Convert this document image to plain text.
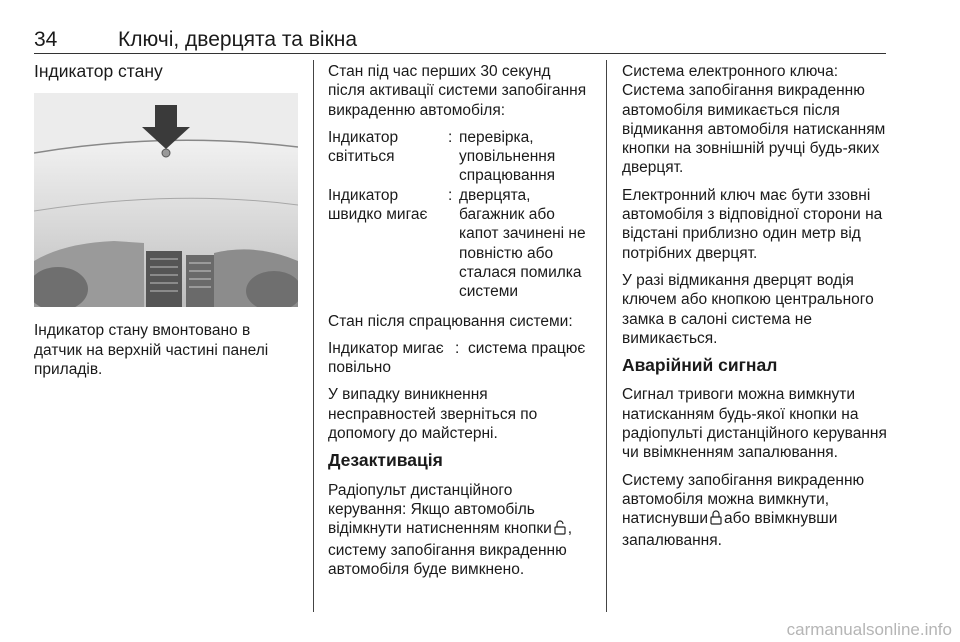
34	Ключі, дверцята та вікна
Індикатор стану

Індикатор стану вмонтовано в датчик на верхній частині панелі приладів.

Стан під час перших 30 секунд після активації системи запобігання викраденню автомобіля:

Індикатор світиться
: перевірка, уповільнення спрацювання
Індикатор швидко мигає
: дверцята, багажник або капот зачинені не повністю або сталася помилка системи

Стан після спрацювання системи:

Індикатор мигає : система працює
повільно

У випадку виникнення несправностей зверніться по допомогу до майстерні.

Дезактивація

Радіопульт дистанційного керування: Якщо автомобіль відімкнути натисненням кнопки , систему запобігання викраденню автомобіля буде вимкнено.

Система електронного ключа: Система запобігання викраденню автомобіля вимикається після відмикання автомобіля натисканням кнопки на зовнішній ручці будь-яких дверцят.

Електронний ключ має бути ззовні автомобіля з відповідної сторони на відстані приблизно один метр від потрібних дверцят.

У разі відмикання дверцят водія ключем або кнопкою центрального замка в салоні система не вимикається.

Аварійний сигнал

Сигнал тривоги можна вимкнути натисканням будь-якої кнопки на радіопульті дистанційного керування чи ввімкненням запалювання.

Систему запобігання викраденню автомобіля можна вимкнути, натиснувши або ввімкнувши запалювання.

carmanualsonline.info
